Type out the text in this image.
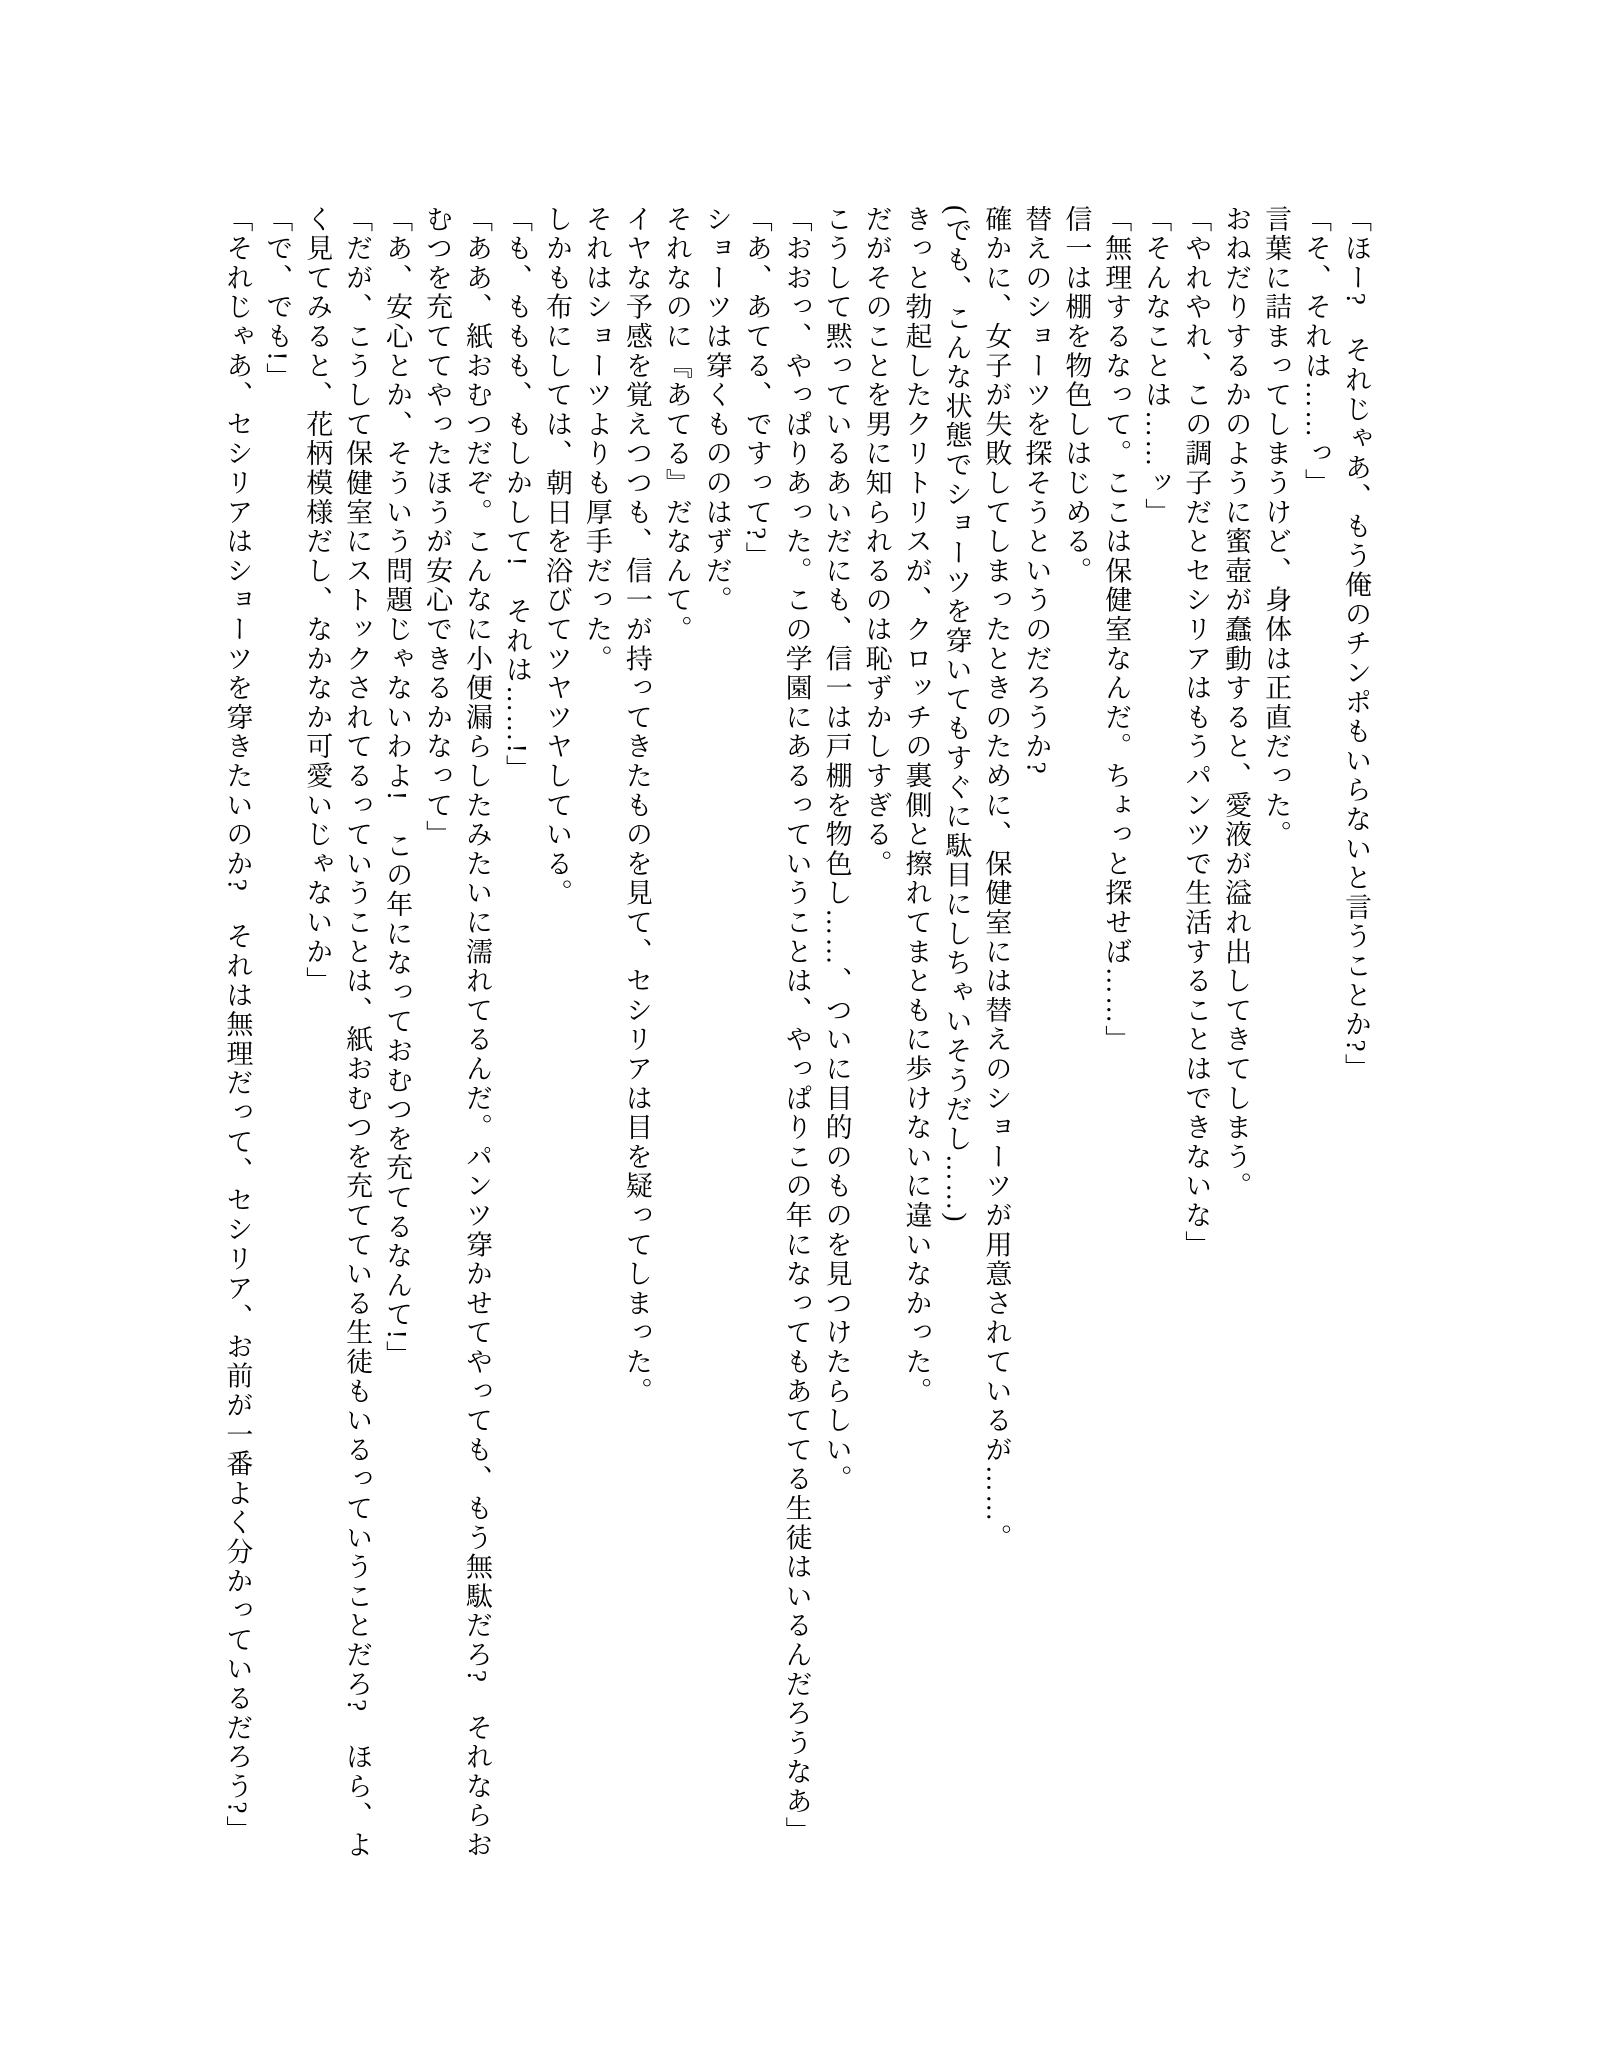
「ほー?　それじゃあ、もう俺のチンポもいらないと言うことか?」

「そ、それは……っ」

言葉に詰まってしまうけど、身体は正直だった。

おねだりするかのように蜜壺が蠢動すると、愛液が溢れ出してきてしまう。

「やれやれ、この調子だとセシリアはもうパンツで生活することはできないな」

「そんなことは……ッ」

「無理するなって。ここは保健室なんだ。ちょっと探せば……」

信一は棚を物色しはじめる。

替えのショーツを探そうというのだろうか?

確かに、女子が失敗してしまったときのために、保健室には替えのショーツが用意されているが……。

(でも、こんな状態でショーツを穿いてもすぐに駄目にしちゃいそうだし……)

きっと勃起したクリトリスが、クロッチの裏側と擦れてまともに歩けないに違いなかった。

だがそのことを男に知られるのは恥ずかしすぎる。

こうして黙っているあいだにも、信一は戸棚を物色し……、ついに目的のものを見つけたらしい。

「おおっ、やっぱりあった。この学園にあるっていうことは、やっぱりこの年になってもあててる生徒はいるんだろうなあ」

「あ、あてる、ですって?」

ショーツは穿くもののはずだ。

それなのに『あてる』だなんて。

イヤな予感を覚えつつも、信一が持ってきたものを見て、セシリアは目を疑ってしまった。

それはショーツよりも厚手だった。

しかも布にしては、朝日を浴びてツヤツヤしている。

「も、ももも、もしかして!　それは……!」

「ああ、紙おむつだぞ。こんなに小便漏らしたみたいに濡れてるんだ。パンツ穿かせてやっても、もう無駄だろ?　それならおむつを充ててやったほうが安心できるかなって」

「あ、安心とか、そういう問題じゃないわよ!　この年になっておむつを充てるなんて!」

「だが、こうして保健室にストックされてるっていうことは、紙おむつを充てている生徒もいるっていうことだろ?　ほら、よく見てみると、花柄模様だし、なかなか可愛いじゃないか」

「で、でも!」

「それじゃあ、セシリアはショーツを穿きたいのか?　それは無理だって、セシリア、お前が一番よく分かっているだろう?」
